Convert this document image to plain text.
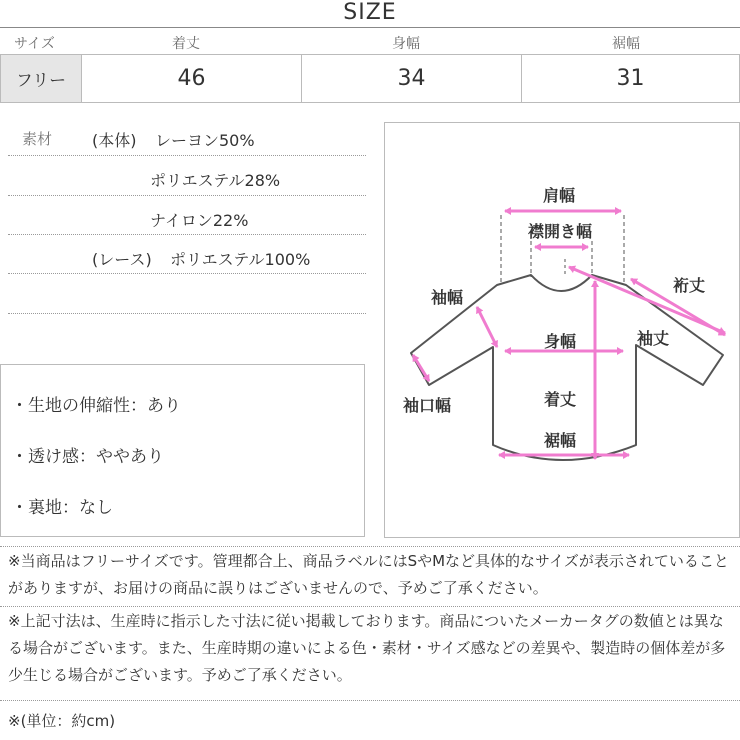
SIZE
サイズ	着丈	身幅	裾幅
フリー	46	34	31
素材 (本体) レーヨン50%
ポリエステル28%
ナイロン22%
(レース) ポリエステル100%
・生地の伸縮性：あり
・透け感：ややあり
・裏地：なし
肩幅
襟開き幅
裄丈
袖幅
袖丈
身幅
袖口幅	着丈
裾幅
※当商品はフリーサイズです。管理都合上、商品ラベルにはSやMなど具体的なサイズが表示されていることがありますが、お届けの商品に誤りはございませんので、予めご了承ください。
※上記寸法は、生産時に指示した寸法に従い掲載しております。商品についたメーカータグの数値とは異なる場合がございます。また、生産時期の違いによる色・素材・サイズ感などの差異や、製造時の個体差が多少生じる場合がございます。予めご了承ください。
※(単位：約cm)
